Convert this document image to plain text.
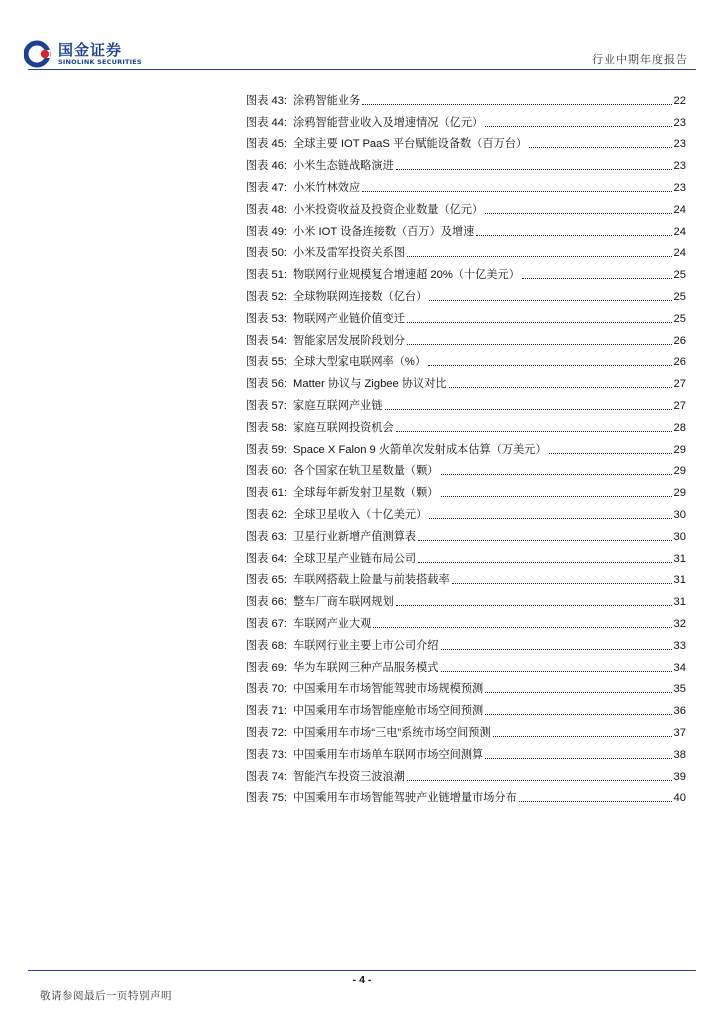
国金证券
SINOLINK SECURITIES	行业中期年度报告
图表 43: 涂鸦智能业务	22
图表 44: 涂鸦智能营业收入及增速情况（亿元）	23
图表 45: 全球主要 IOT PaaS 平台赋能设备数（百万台）	23
图表 46: 小米生态链战略演进	23
图表 47: 小米竹林效应	23
图表 48: 小米投资收益及投资企业数量（亿元）	24
图表 49: 小米 IOT 设备连接数（百万）及增速	24
图表 50: 小米及雷军投资关系图	24
图表 51: 物联网行业规模复合增速超 20%（十亿美元）	25
图表 52: 全球物联网连接数（亿台）	25
图表 53: 物联网产业链价值变迁	25
图表 54: 智能家居发展阶段划分	26
图表 55: 全球大型家电联网率（%）	26
图表 56: Matter 协议与 Zigbee 协议对比	27
图表 57: 家庭互联网产业链	27
图表 58: 家庭互联网投资机会	28
图表 59: Space X Falon 9 火箭单次发射成本估算（万美元）	29
图表 60: 各个国家在轨卫星数量（颗）	29
图表 61: 全球每年新发射卫星数（颗）	29
图表 62: 全球卫星收入（十亿美元）	30
图表 63: 卫星行业新增产值测算表	30
图表 64: 全球卫星产业链布局公司	31
图表 65: 车联网搭载上险量与前装搭载率	31
图表 66: 整车厂商车联网规划	31
图表 67: 车联网产业大观	32
图表 68: 车联网行业主要上市公司介绍	33
图表 69: 华为车联网三种产品服务模式	34
图表 70: 中国乘用车市场智能驾驶市场规模预测	35
图表 71: 中国乘用车市场智能座舱市场空间预测	36
图表 72: 中国乘用车市场“三电”系统市场空间预测	37
图表 73: 中国乘用车市场单车联网市场空间测算	38
图表 74: 智能汽车投资三波浪潮	39
图表 75: 中国乘用车市场智能驾驶产业链增量市场分布	40
- 4 -
敬请参阅最后一页特别声明
